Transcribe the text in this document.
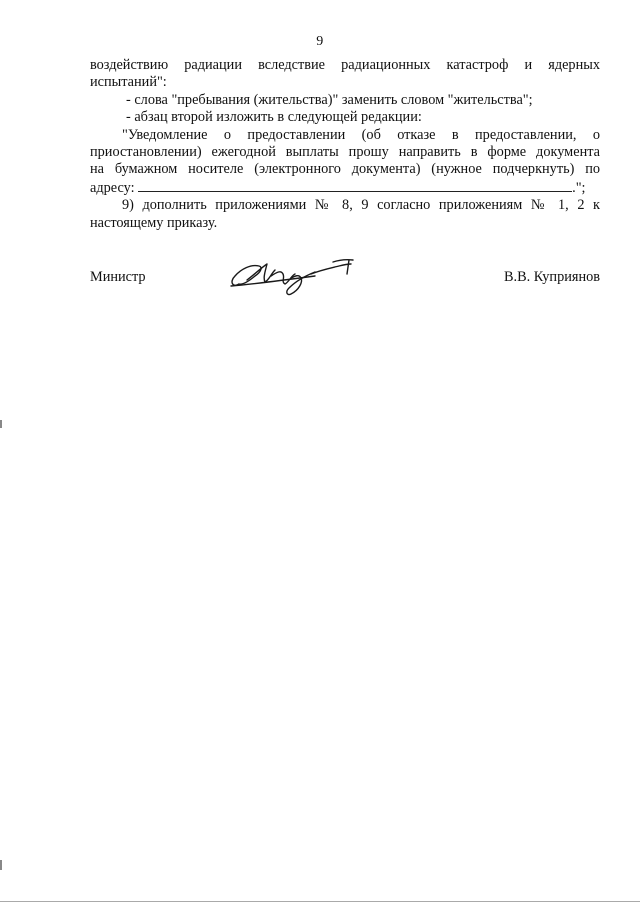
9

воздействию радиации вследствие радиационных катастроф и ядерных

испытаний":

- слова "пребывания (жительства)" заменить словом "жительства";

- абзац второй изложить в следующей редакции:

"Уведомление о предоставлении (об отказе в предоставлении, о

приостановлении) ежегодной выплаты прошу направить в форме документа

на бумажном носителе (электронного документа) (нужное подчеркнуть) по

адресу:	.";

9) дополнить приложениями № 8, 9 согласно приложениям № 1, 2 к

настоящему приказу.

Министр	В.В. Куприянов
